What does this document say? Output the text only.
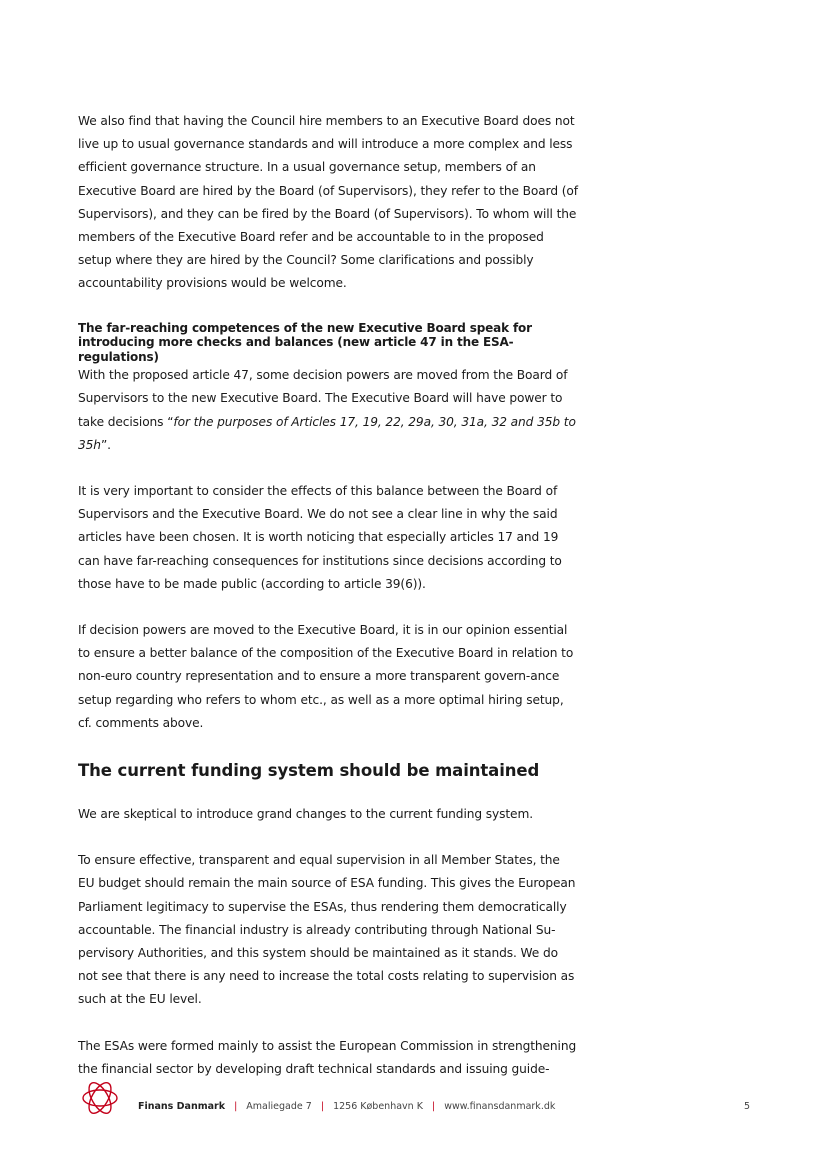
We also find that having the Council hire members to an Executive Board does not live up to usual governance standards and will introduce a more complex and less efficient governance structure. In a usual governance setup, members of an Executive Board are hired by the Board (of Supervisors), they refer to the Board (of Supervisors), and they can be fired by the Board (of Supervisors). To whom will the members of the Executive Board refer and be accountable to in the proposed setup where they are hired by the Council? Some clarifications and possibly accountability provisions would be welcome.

The far-reaching competences of the new Executive Board speak for introducing more checks and balances (new article 47 in the ESA-regulations)

With the proposed article 47, some decision powers are moved from the Board of Supervisors to the new Executive Board. The Executive Board will have power to take decisions “for the purposes of Articles 17, 19, 22, 29a, 30, 31a, 32 and 35b to 35h”.

It is very important to consider the effects of this balance between the Board of Supervisors and the Executive Board. We do not see a clear line in why the said articles have been chosen. It is worth noticing that especially articles 17 and 19 can have far-reaching consequences for institutions since decisions according to those have to be made public (according to article 39(6)).

If decision powers are moved to the Executive Board, it is in our opinion essential to ensure a better balance of the composition of the Executive Board in relation to non-euro country representation and to ensure a more transparent govern-ance setup regarding who refers to whom etc., as well as a more optimal hiring setup, cf. comments above.

The current funding system should be maintained

We are skeptical to introduce grand changes to the current funding system.

To ensure effective, transparent and equal supervision in all Member States, the EU budget should remain the main source of ESA funding. This gives the European Parliament legitimacy to supervise the ESAs, thus rendering them democratically accountable. The financial industry is already contributing through National Su-pervisory Authorities, and this system should be maintained as it stands. We do not see that there is any need to increase the total costs relating to supervision as such at the EU level.

The ESAs were formed mainly to assist the European Commission in strengthening the financial sector by developing draft technical standards and issuing guide-

Finans Danmark | Amaliegade 7 | 1256 København K | www.finansdanmark.dk	5
